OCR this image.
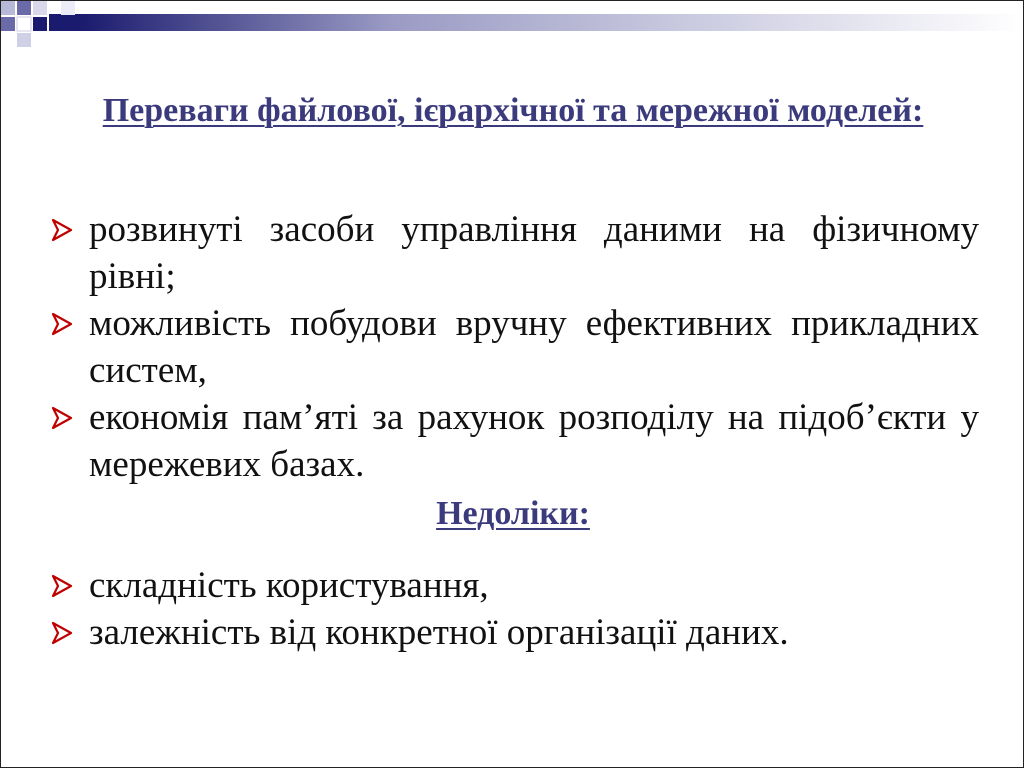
Переваги файлової, ієрархічної та мережної моделей:
розвинуті засоби управління даними на фізичному рівні;
можливість побудови вручну ефективних прикладних систем,
економія пам’яті за рахунок розподілу на підоб’єкти у мережевих базах.
Недоліки:
складність користування,
залежність від конкретної організації даних.
